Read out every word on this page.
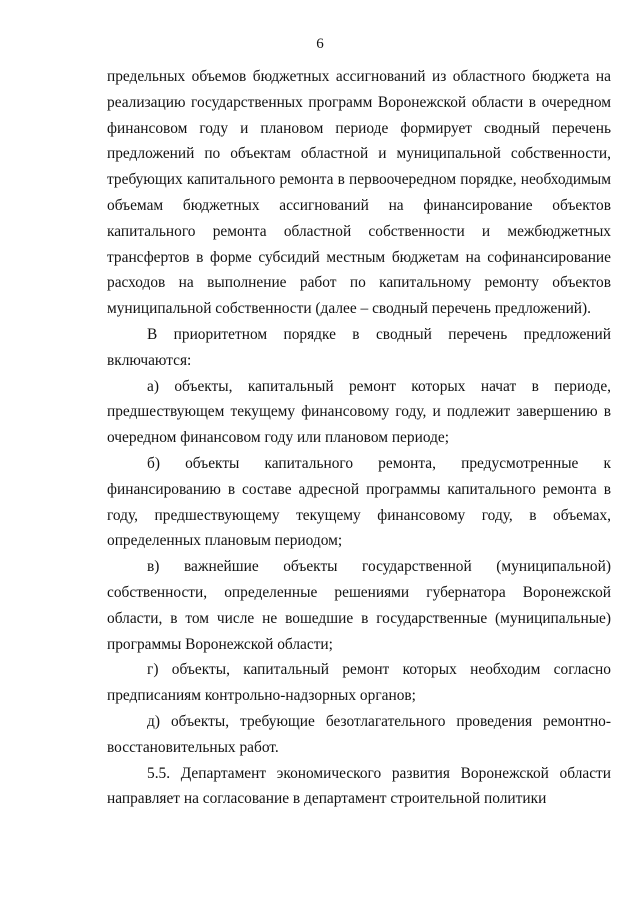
6

предельных объемов бюджетных ассигнований из областного бюджета на реализацию государственных программ Воронежской области в очередном финансовом году и плановом периоде формирует сводный перечень предложений по объектам областной и муниципальной собственности, требующих капитального ремонта в первоочередном порядке, необходимым объемам бюджетных ассигнований на финансирование объектов капитального ремонта областной собственности и межбюджетных трансфертов в форме субсидий местным бюджетам на софинансирование расходов на выполнение работ по капитальному ремонту объектов муниципальной собственности (далее – сводный перечень предложений).

В приоритетном порядке в сводный перечень предложений включаются:

а) объекты, капитальный ремонт которых начат в периоде, предшествующем текущему финансовому году, и подлежит завершению в очередном финансовом году или плановом периоде;

б) объекты капитального ремонта, предусмотренные к финансированию в составе адресной программы капитального ремонта в году, предшествующему текущему финансовому году, в объемах, определенных плановым периодом;

в) важнейшие объекты государственной (муниципальной) собственности, определенные решениями губернатора Воронежской области, в том числе не вошедшие в государственные (муниципальные) программы Воронежской области;

г) объекты, капитальный ремонт которых необходим согласно предписаниям контрольно-надзорных органов;

д) объекты, требующие безотлагательного проведения ремонтно-восстановительных работ.

5.5. Департамент экономического развития Воронежской области направляет на согласование в департамент строительной политики
